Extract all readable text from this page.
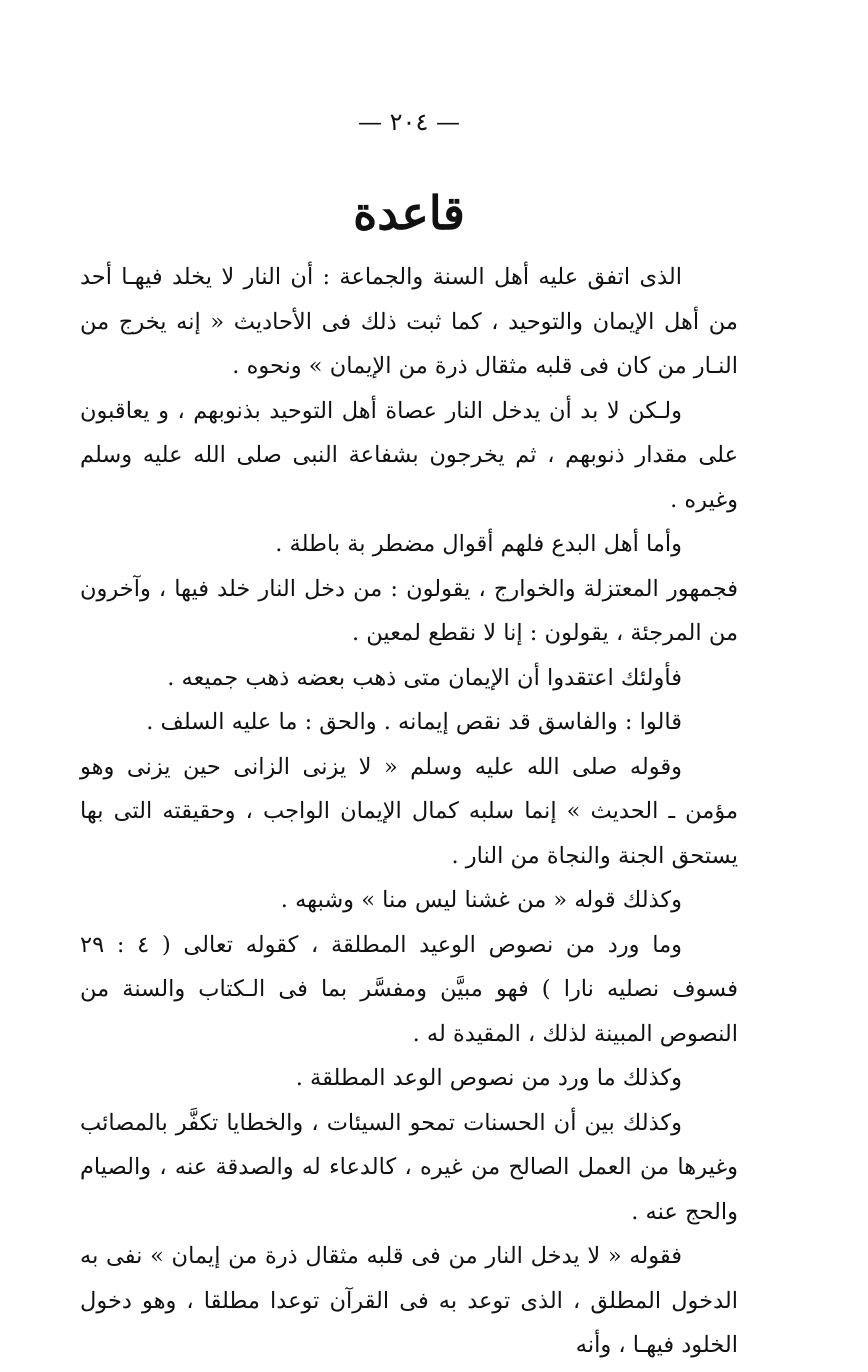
— ٢٠٤ —
قاعدة

الذى اتفق عليه أهل السنة والجماعة : أن النار لا يخلد فيهـا أحد من أهل الإيمان والتوحيد ، كما ثبت ذلك فى الأحاديث « إنه يخرج من النـار من كان فى قلبه مثقال ذرة من الإيمان » ونحوه .

ولـكن لا بد أن يدخل النار عصاة أهل التوحيد بذنوبهم ، و يعاقبون على مقدار ذنوبهم ، ثم يخرجون بشفاعة النبى صلى الله عليه وسلم وغيره .

وأما أهل البدع فلهم أقوال مضطر بة باطلة .

فجمهور المعتزلة والخوارج ، يقولون : من دخل النار خلد فيها ، وآخرون من المرجئة ، يقولون : إنا لا نقطع لمعين .

فأولئك اعتقدوا أن الإيمان متى ذهب بعضه ذهب جميعه .

قالوا : والفاسق قد نقص إيمانه . والحق : ما عليه السلف .

وقوله صلى الله عليه وسلم « لا يزنى الزانى حين يزنى وهو مؤمن ـ الحديث » إنما سلبه كمال الإيمان الواجب ، وحقيقته التى بها يستحق الجنة والنجاة من النار .

وكذلك قوله « من غشنا ليس منا » وشبهه .

وما ورد من نصوص الوعيد المطلقة ، كقوله تعالى ( ٤ : ٢٩ فسوف نصليه نارا ) فهو مبيَّن ومفسَّر بما فى الـكتاب والسنة من النصوص المبينة لذلك ، المقيدة له .

وكذلك ما ورد من نصوص الوعد المطلقة .

وكذلك بين أن الحسنات تمحو السيئات ، والخطايا تكفَّر بالمصائب وغيرها من العمل الصالح من غيره ، كالدعاء له والصدقة عنه ، والصيام والحج عنه .

فقوله « لا يدخل النار من فى قلبه مثقال ذرة من إيمان » نفى به الدخول المطلق ، الذى توعد به فى القرآن توعدا مطلقا ، وهو دخول الخلود فيهـا ، وأنه
